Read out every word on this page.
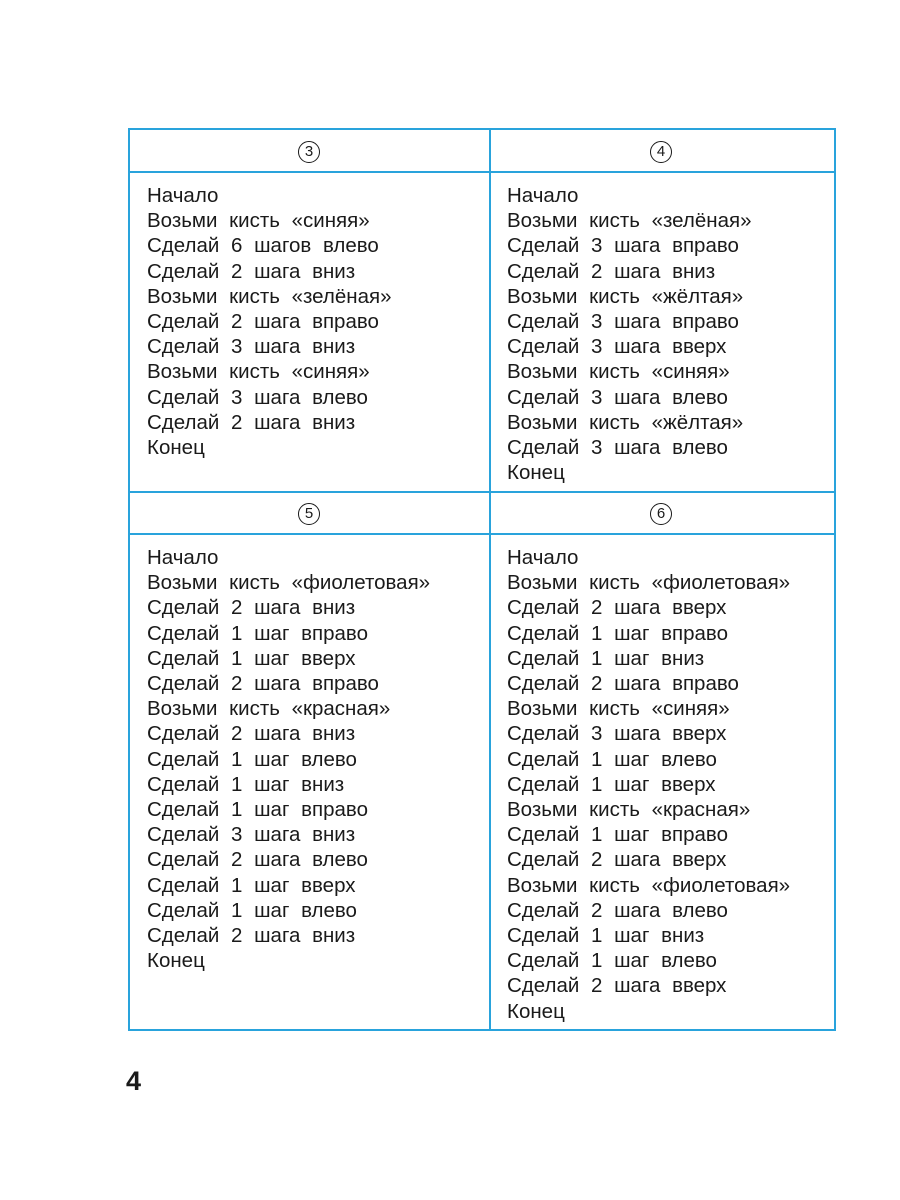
3
Начало
Возьми кисть «синяя»
Сделай 6 шагов влево
Сделай 2 шага вниз
Возьми кисть «зелёная»
Сделай 2 шага вправо
Сделай 3 шага вниз
Возьми кисть «синяя»
Сделай 3 шага влево
Сделай 2 шага вниз
Конец
4
Начало
Возьми кисть «зелёная»
Сделай 3 шага вправо
Сделай 2 шага вниз
Возьми кисть «жёлтая»
Сделай 3 шага вправо
Сделай 3 шага вверх
Возьми кисть «синяя»
Сделай 3 шага влево
Возьми кисть «жёлтая»
Сделай 3 шага влево
Конец
5
Начало
Возьми кисть «фиолетовая»
Сделай 2 шага вниз
Сделай 1 шаг вправо
Сделай 1 шаг вверх
Сделай 2 шага вправо
Возьми кисть «красная»
Сделай 2 шага вниз
Сделай 1 шаг влево
Сделай 1 шаг вниз
Сделай 1 шаг вправо
Сделай 3 шага вниз
Сделай 2 шага влево
Сделай 1 шаг вверх
Сделай 1 шаг влево
Сделай 2 шага вниз
Конец
6
Начало
Возьми кисть «фиолетовая»
Сделай 2 шага вверх
Сделай 1 шаг вправо
Сделай 1 шаг вниз
Сделай 2 шага вправо
Возьми кисть «синяя»
Сделай 3 шага вверх
Сделай 1 шаг влево
Сделай 1 шаг вверх
Возьми кисть «красная»
Сделай 1 шаг вправо
Сделай 2 шага вверх
Возьми кисть «фиолетовая»
Сделай 2 шага влево
Сделай 1 шаг вниз
Сделай 1 шаг влево
Сделай 2 шага вверх
Конец
4
